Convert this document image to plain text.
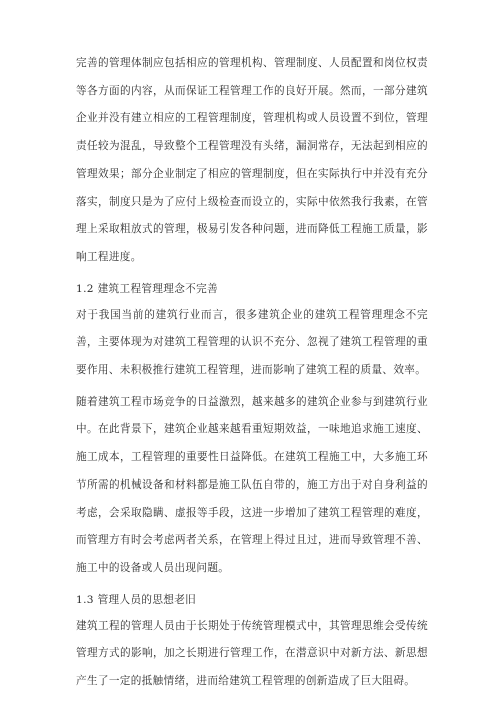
完善的管理体制应包括相应的管理机构、管理制度、人员配置和岗位权责等各方面的内容，从而保证工程管理工作的良好开展。然而，一部分建筑企业并没有建立相应的工程管理制度，管理机构或人员设置不到位，管理责任较为混乱，导致整个工程管理没有头绪，漏洞常存，无法起到相应的管理效果；部分企业制定了相应的管理制度，但在实际执行中并没有充分落实，制度只是为了应付上级检查而设立的，实际中依然我行我素，在管理上采取粗放式的管理，极易引发各种问题，进而降低工程施工质量，影响工程进度。

1.2 建筑工程管理理念不完善

对于我国当前的建筑行业而言，很多建筑企业的建筑工程管理理念不完善，主要体现为对建筑工程管理的认识不充分、忽视了建筑工程管理的重要作用、未积极推行建筑工程管理，进而影响了建筑工程的质量、效率。

随着建筑工程市场竞争的日益激烈，越来越多的建筑企业参与到建筑行业中。在此背景下，建筑企业越来越看重短期效益，一味地追求施工速度、施工成本，工程管理的重要性日益降低。在建筑工程施工中，大多施工环节所需的机械设备和材料都是施工队伍自带的，施工方出于对自身利益的考虑，会采取隐瞒、虚报等手段，这进一步增加了建筑工程管理的难度，而管理方有时会考虑两者关系，在管理上得过且过，进而导致管理不善、施工中的设备或人员出现问题。

1.3 管理人员的思想老旧

建筑工程的管理人员由于长期处于传统管理模式中，其管理思维会受传统管理方式的影响，加之长期进行管理工作，在潜意识中对新方法、新思想产生了一定的抵触情绪，进而给建筑工程管理的创新造成了巨大阻碍。
